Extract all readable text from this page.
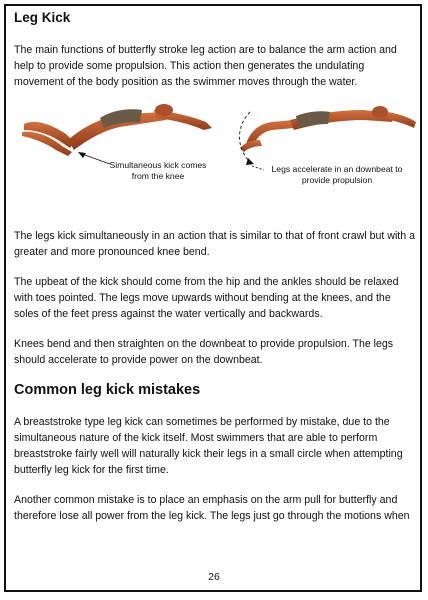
Leg Kick

The main functions of butterfly stroke leg action are to balance the arm action and help to provide some propulsion. This action then generates the undulating movement of the body position as the swimmer moves through the water.

Simultaneous kick comes
from the knee
Legs accelerate in an downbeat to
provide propulsion

The legs kick simultaneously in an action that is similar to that of front crawl but with a greater and more pronounced knee bend.

The upbeat of the kick should come from the hip and the ankles should be relaxed with toes pointed. The legs move upwards without bending at the knees, and the soles of the feet press against the water vertically and backwards.

Knees bend and then straighten on the downbeat to provide propulsion. The legs should accelerate to provide power on the downbeat.

Common leg kick mistakes

A breaststroke type leg kick can sometimes be performed by mistake, due to the simultaneous nature of the kick itself. Most swimmers that are able to perform breaststroke fairly well will naturally kick their legs in a small circle when attempting butterfly leg kick for the first time.

Another common mistake is to place an emphasis on the arm pull for butterfly and therefore lose all power from the leg kick. The legs just go through the motions when

26
